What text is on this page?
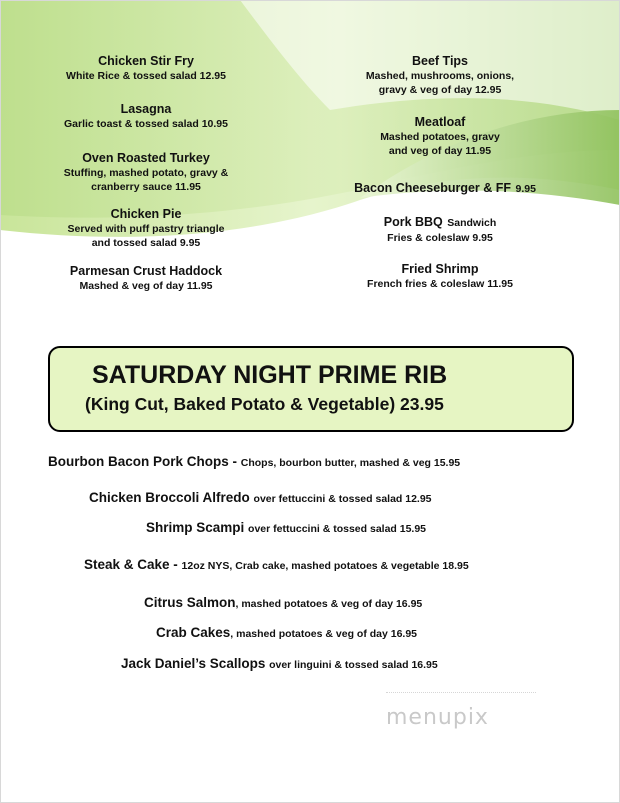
Chicken Stir Fry
White Rice & tossed salad 12.95
Lasagna
Garlic toast & tossed salad 10.95
Oven Roasted Turkey
Stuffing, mashed potato, gravy &
cranberry sauce 11.95
Chicken Pie
Served with puff pastry triangle
and tossed salad 9.95
Parmesan Crust Haddock
Mashed & veg of day 11.95
Beef Tips
Mashed, mushrooms, onions,
gravy & veg of day 12.95
Meatloaf
Mashed potatoes, gravy
and veg of day 11.95
Bacon Cheeseburger & FF 9.95
Pork BBQ Sandwich
Fries & coleslaw 9.95
Fried Shrimp
French fries & coleslaw 11.95
SATURDAY NIGHT PRIME RIB
(King Cut, Baked Potato & Vegetable) 23.95
Bourbon Bacon Pork Chops - Chops, bourbon butter, mashed & veg 15.95
Chicken Broccoli Alfredo over fettuccini & tossed salad 12.95
Shrimp Scampi over fettuccini & tossed salad 15.95
Steak & Cake - 12oz NYS, Crab cake, mashed potatoes & vegetable 18.95
Citrus Salmon, mashed potatoes & veg of day 16.95
Crab Cakes, mashed potatoes & veg of day 16.95
Jack Daniel’s Scallops over linguini & tossed salad 16.95
menupix
